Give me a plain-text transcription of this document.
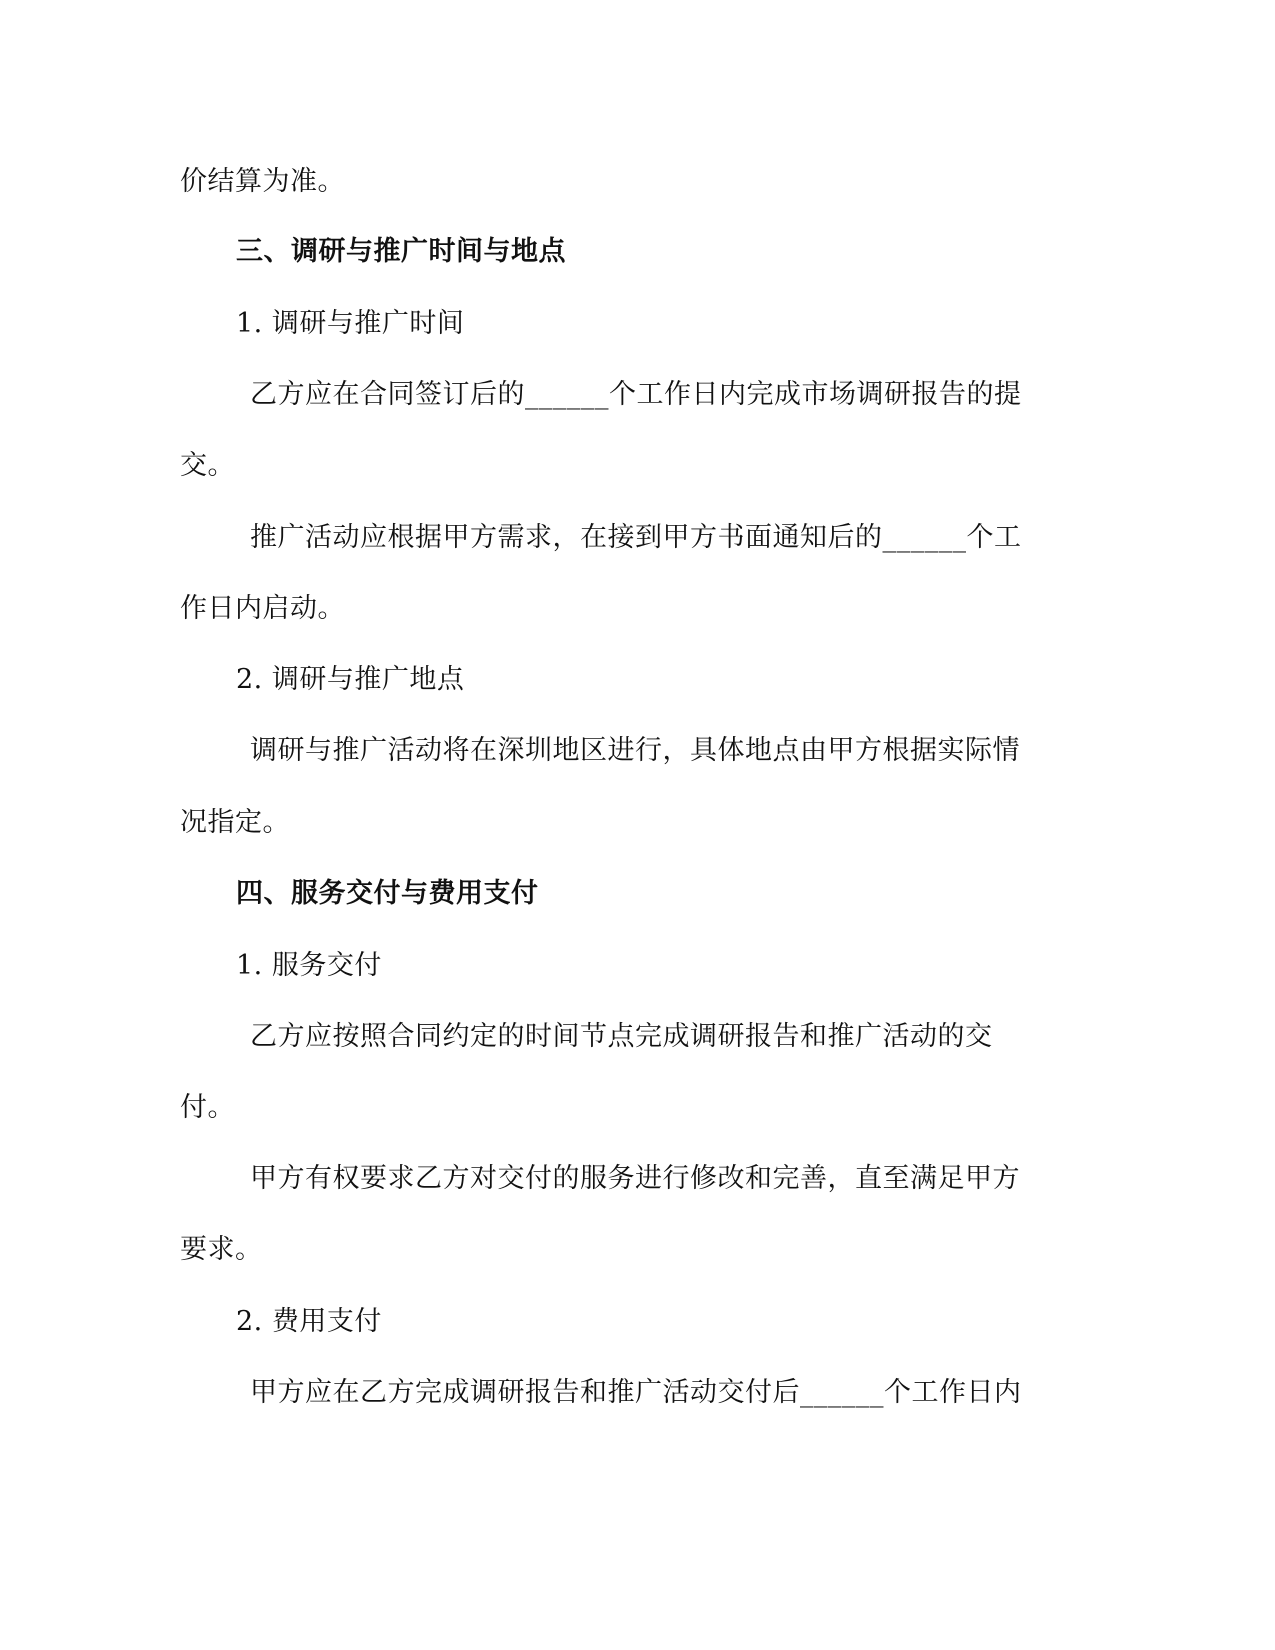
价结算为准。
三、调研与推广时间与地点
1. 调研与推广时间
乙方应在合同签订后的______个工作日内完成市场调研报告的提
交。
推广活动应根据甲方需求，在接到甲方书面通知后的______个工
作日内启动。
2. 调研与推广地点
调研与推广活动将在深圳地区进行，具体地点由甲方根据实际情
况指定。
四、服务交付与费用支付
1. 服务交付
乙方应按照合同约定的时间节点完成调研报告和推广活动的交
付。
甲方有权要求乙方对交付的服务进行修改和完善，直至满足甲方
要求。
2. 费用支付
甲方应在乙方完成调研报告和推广活动交付后______个工作日内
